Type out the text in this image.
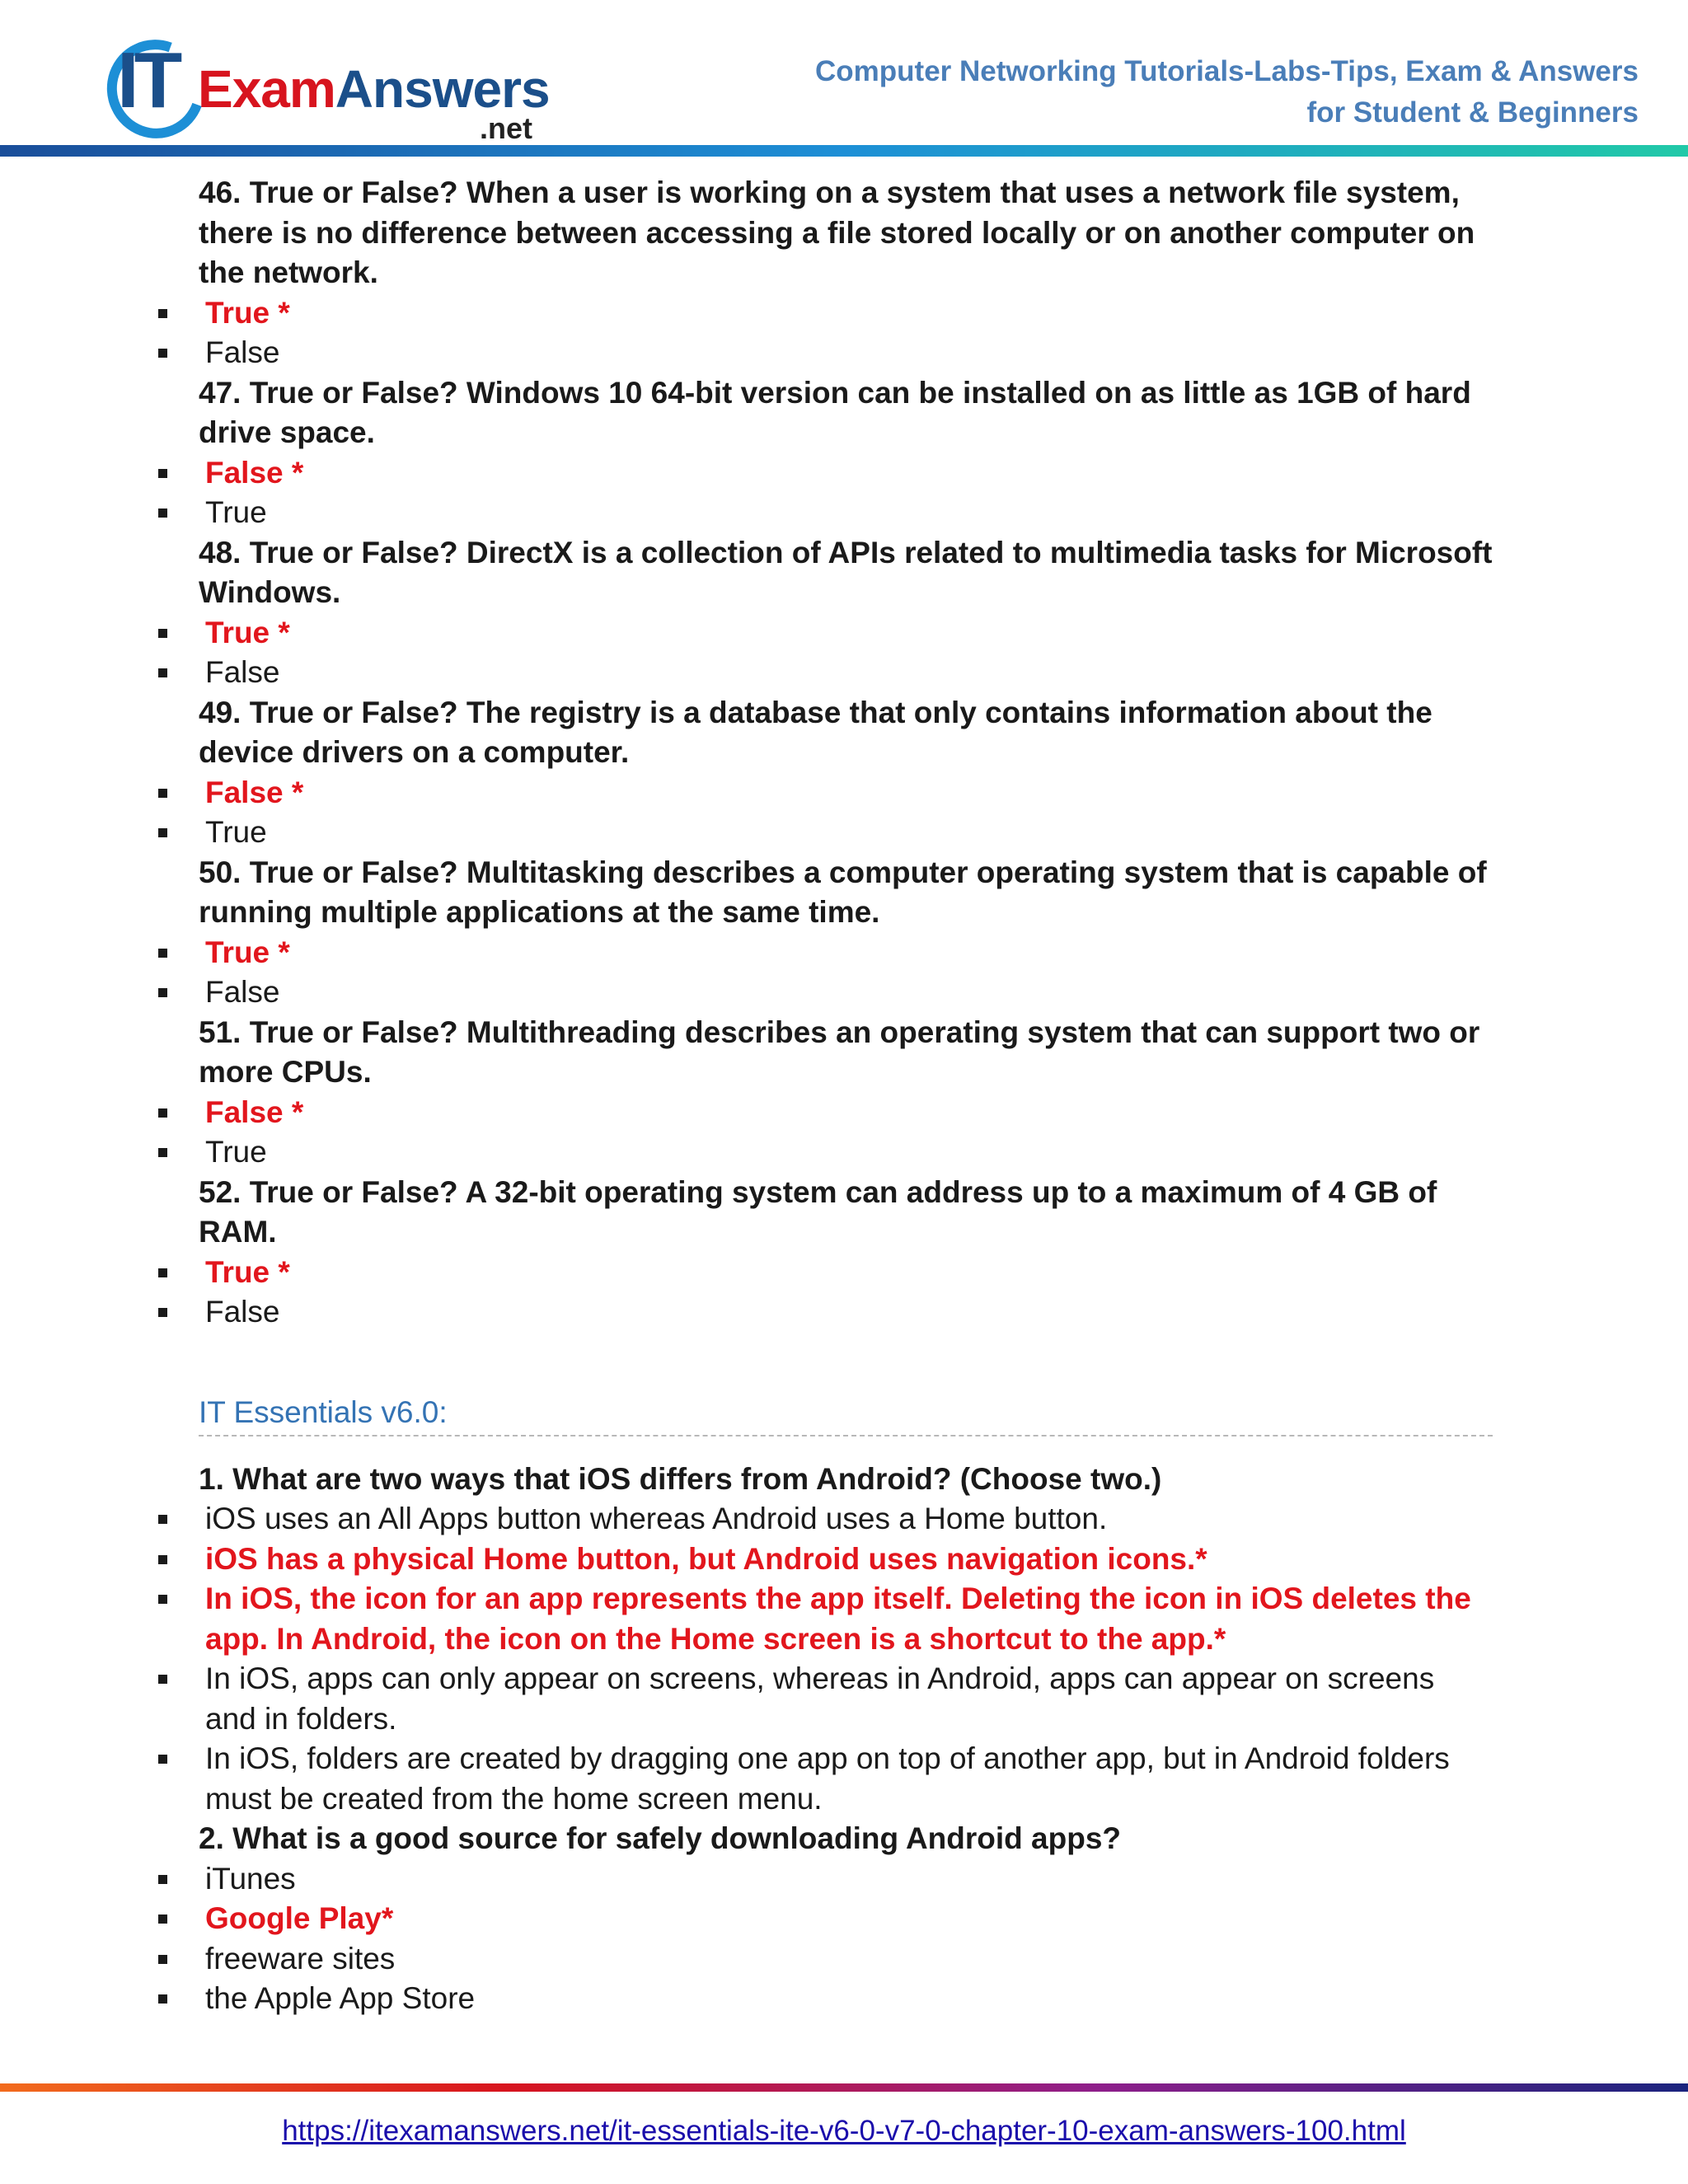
IT ExamAnswers
.net
Computer Networking Tutorials-Labs-Tips, Exam & Answers
for Student & Beginners
46. True or False? When a user is working on a system that uses a network file system, there is no difference between accessing a file stored locally or on another computer on the network.
True *
False
47. True or False? Windows 10 64-bit version can be installed on as little as 1GB of hard drive space.
False *
True
48. True or False? DirectX is a collection of APIs related to multimedia tasks for Microsoft Windows.
True *
False
49. True or False? The registry is a database that only contains information about the device drivers on a computer.
False *
True
50. True or False? Multitasking describes a computer operating system that is capable of running multiple applications at the same time.
True *
False
51. True or False? Multithreading describes an operating system that can support two or more CPUs.
False *
True
52. True or False? A 32-bit operating system can address up to a maximum of 4 GB of RAM.
True *
False
IT Essentials v6.0:
1. What are two ways that iOS differs from Android? (Choose two.)
iOS uses an All Apps button whereas Android uses a Home button.
iOS has a physical Home button, but Android uses navigation icons.*
In iOS, the icon for an app represents the app itself. Deleting the icon in iOS deletes the app. In Android, the icon on the Home screen is a shortcut to the app.*
In iOS, apps can only appear on screens, whereas in Android, apps can appear on screens and in folders.
In iOS, folders are created by dragging one app on top of another app, but in Android folders must be created from the home screen menu.
2. What is a good source for safely downloading Android apps?
iTunes
Google Play*
freeware sites
the Apple App Store
https://itexamanswers.net/it-essentials-ite-v6-0-v7-0-chapter-10-exam-answers-100.html
